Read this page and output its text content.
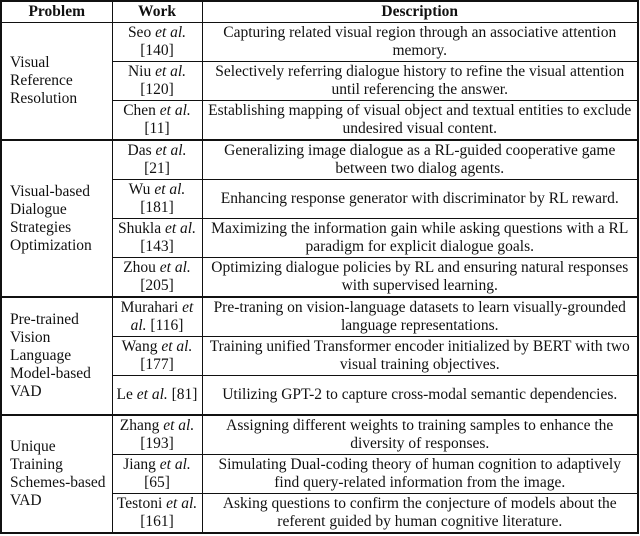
Problem	Work	Description
Visual Reference Resolution	Seo et al. [140]	Capturing related visual region through an associative attention memory.
	Niu et al. [120]	Selectively referring dialogue history to refine the visual attention until referencing the answer.
	Chen et al. [11]	Establishing mapping of visual object and textual entities to exclude undesired visual content.
Visual-based Dialogue Strategies Optimization	Das et al. [21]	Generalizing image dialogue as a RL-guided cooperative game between two dialog agents.
	Wu et al. [181]	Enhancing response generator with discriminator by RL reward.
	Shukla et al. [143]	Maximizing the information gain while asking questions with a RL paradigm for explicit dialogue goals.
	Zhou et al. [205]	Optimizing dialogue policies by RL and ensuring natural responses with supervised learning.
Pre-trained Vision Language Model-based VAD	Murahari et al. [116]	Pre-traning on vision-language datasets to learn visually-grounded language representations.
	Wang et al. [177]	Training unified Transformer encoder initialized by BERT with two visual training objectives.
	Le et al. [81]	Utilizing GPT-2 to capture cross-modal semantic dependencies.
Unique Training Schemes-based VAD	Zhang et al. [193]	Assigning different weights to training samples to enhance the diversity of responses.
	Jiang et al. [65]	Simulating Dual-coding theory of human cognition to adaptively find query-related information from the image.
	Testoni et al. [161]	Asking questions to confirm the conjecture of models about the referent guided by human cognitive literature.
